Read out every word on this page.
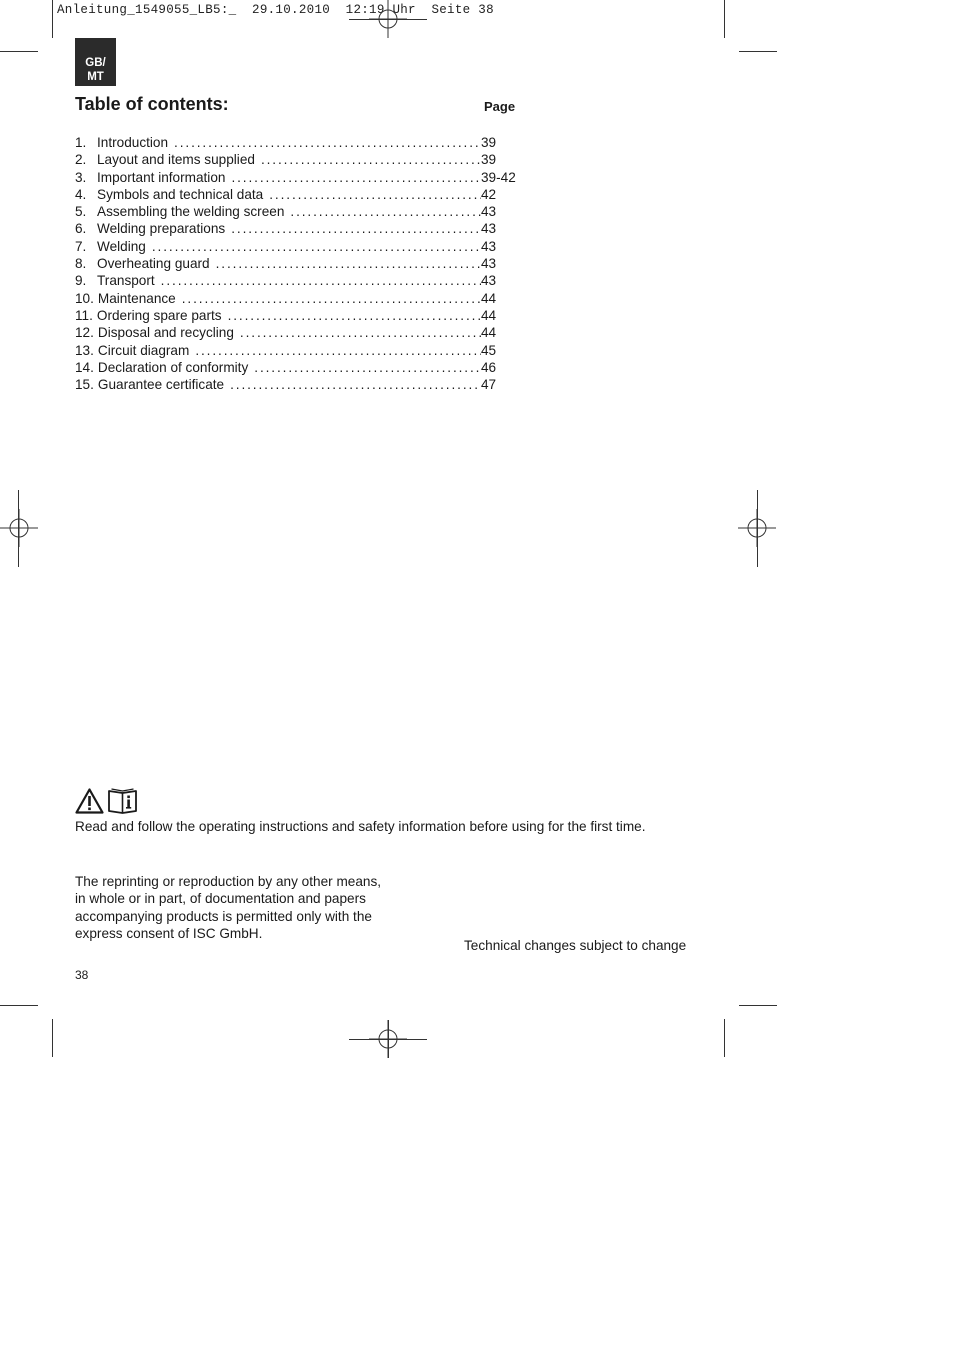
Anleitung_1549055_LB5:_  29.10.2010  12:19 Uhr  Seite 38
GB/
MT
Table of contents:	Page
1. Introduction .....	39
2. Layout and items supplied .....	39
3. Important information .....	39-42
4. Symbols and technical data .....	42
5. Assembling the welding screen .....	43
6. Welding preparations .....	43
7. Welding .....	43
8. Overheating guard .....	43
9. Transport .....	43
10. Maintenance .....	44
11. Ordering spare parts .....	44
12. Disposal and recycling .....	44
13. Circuit diagram .....	45
14. Declaration of conformity .....	46
15. Guarantee certificate .....	47
Read and follow the operating instructions and safety information before using for the first time.
The reprinting or reproduction by any other means, in whole or in part, of documentation and papers accompanying products is permitted only with the express consent of ISC GmbH.
Technical changes subject to change
38
